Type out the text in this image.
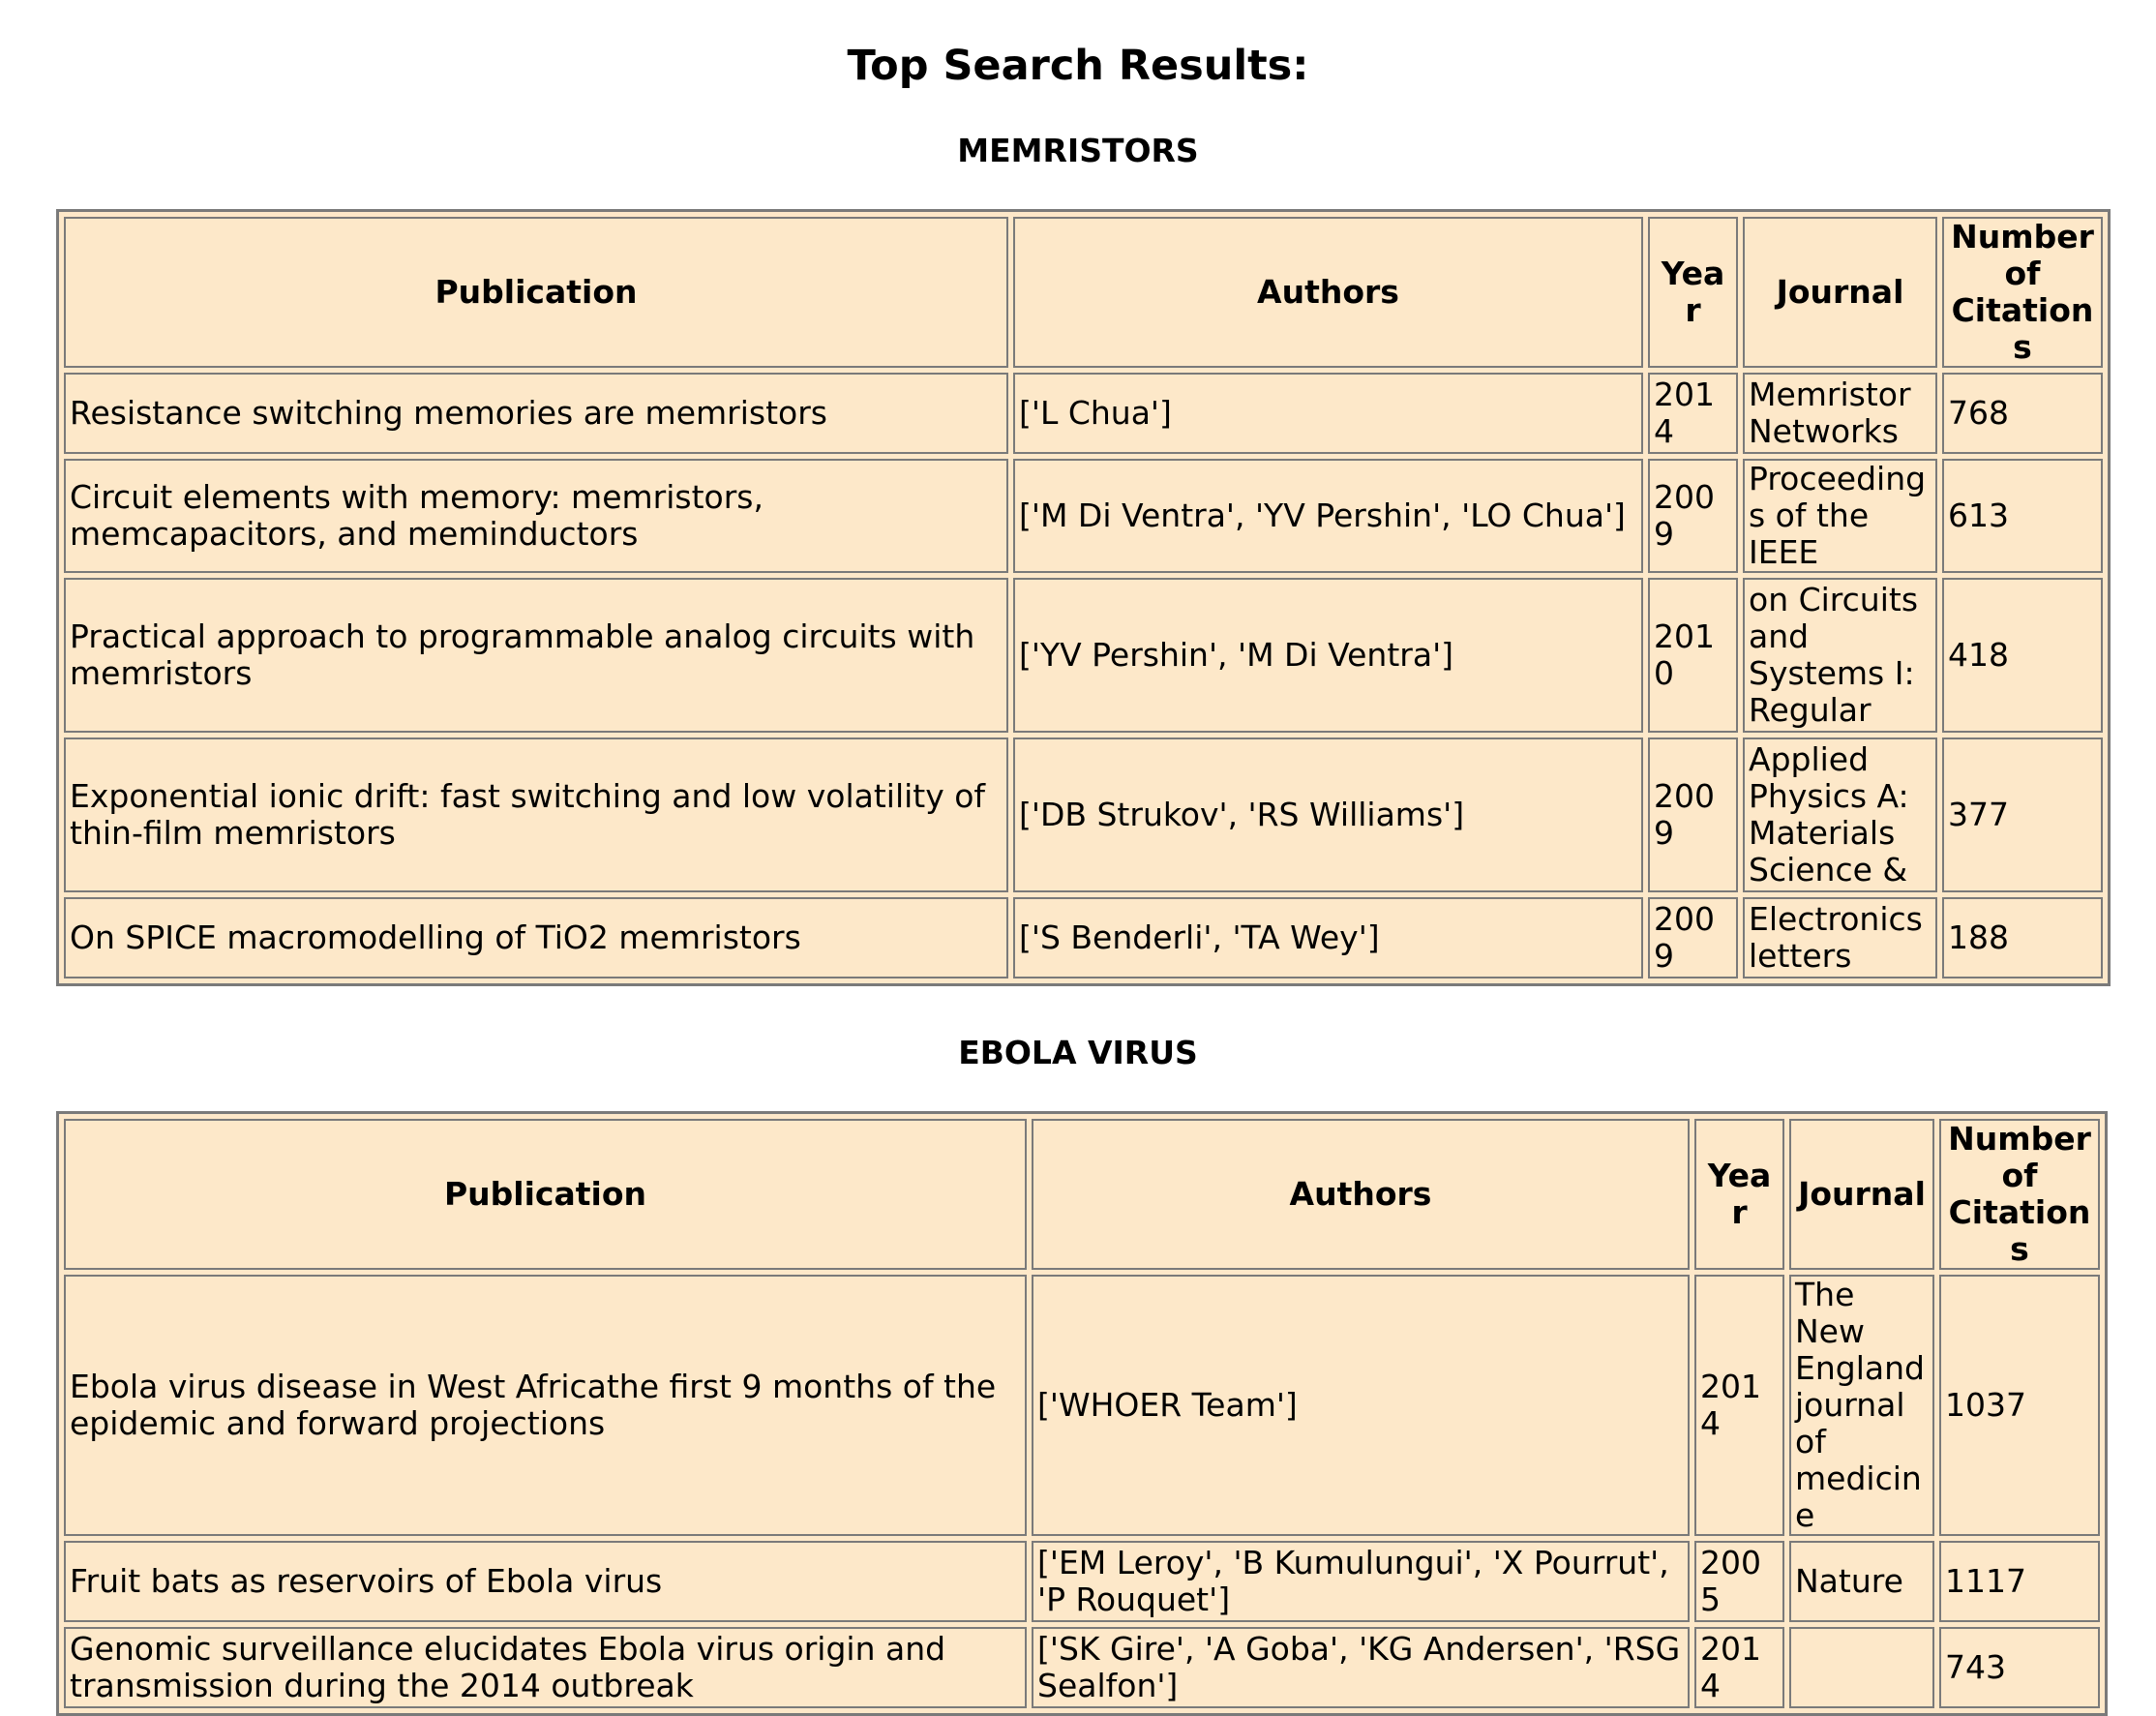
Top Search Results:
MEMRISTORS
Publication	Authors	Year	Journal	Number of Citations
Resistance switching memories are memristors	['L Chua']	2014	Memristor Networks	768
Circuit elements with memory: memristors, memcapacitors, and meminductors	['M Di Ventra', 'YV Pershin', 'LO Chua']	2009	Proceedings of the IEEE	613
Practical approach to programmable analog circuits with memristors	['YV Pershin', 'M Di Ventra']	2010	on Circuits and Systems I: Regular	418
Exponential ionic drift: fast switching and low volatility of thin-film memristors	['DB Strukov', 'RS Williams']	2009	Applied Physics A: Materials Science &	377
On SPICE macromodelling of TiO2 memristors	['S Benderli', 'TA Wey']	2009	Electronics letters	188
EBOLA VIRUS
Publication	Authors	Year	Journal	Number of Citations
Ebola virus disease in West Africathe first 9 months of the epidemic and forward projections	['WHOER Team']	2014	The New England journal of medicine	1037
Fruit bats as reservoirs of Ebola virus	['EM Leroy', 'B Kumulungui', 'X Pourrut', 'P Rouquet']	2005	Nature	1117
Genomic surveillance elucidates Ebola virus origin and transmission during the 2014 outbreak	['SK Gire', 'A Goba', 'KG Andersen', 'RSG Sealfon']	2014		743
